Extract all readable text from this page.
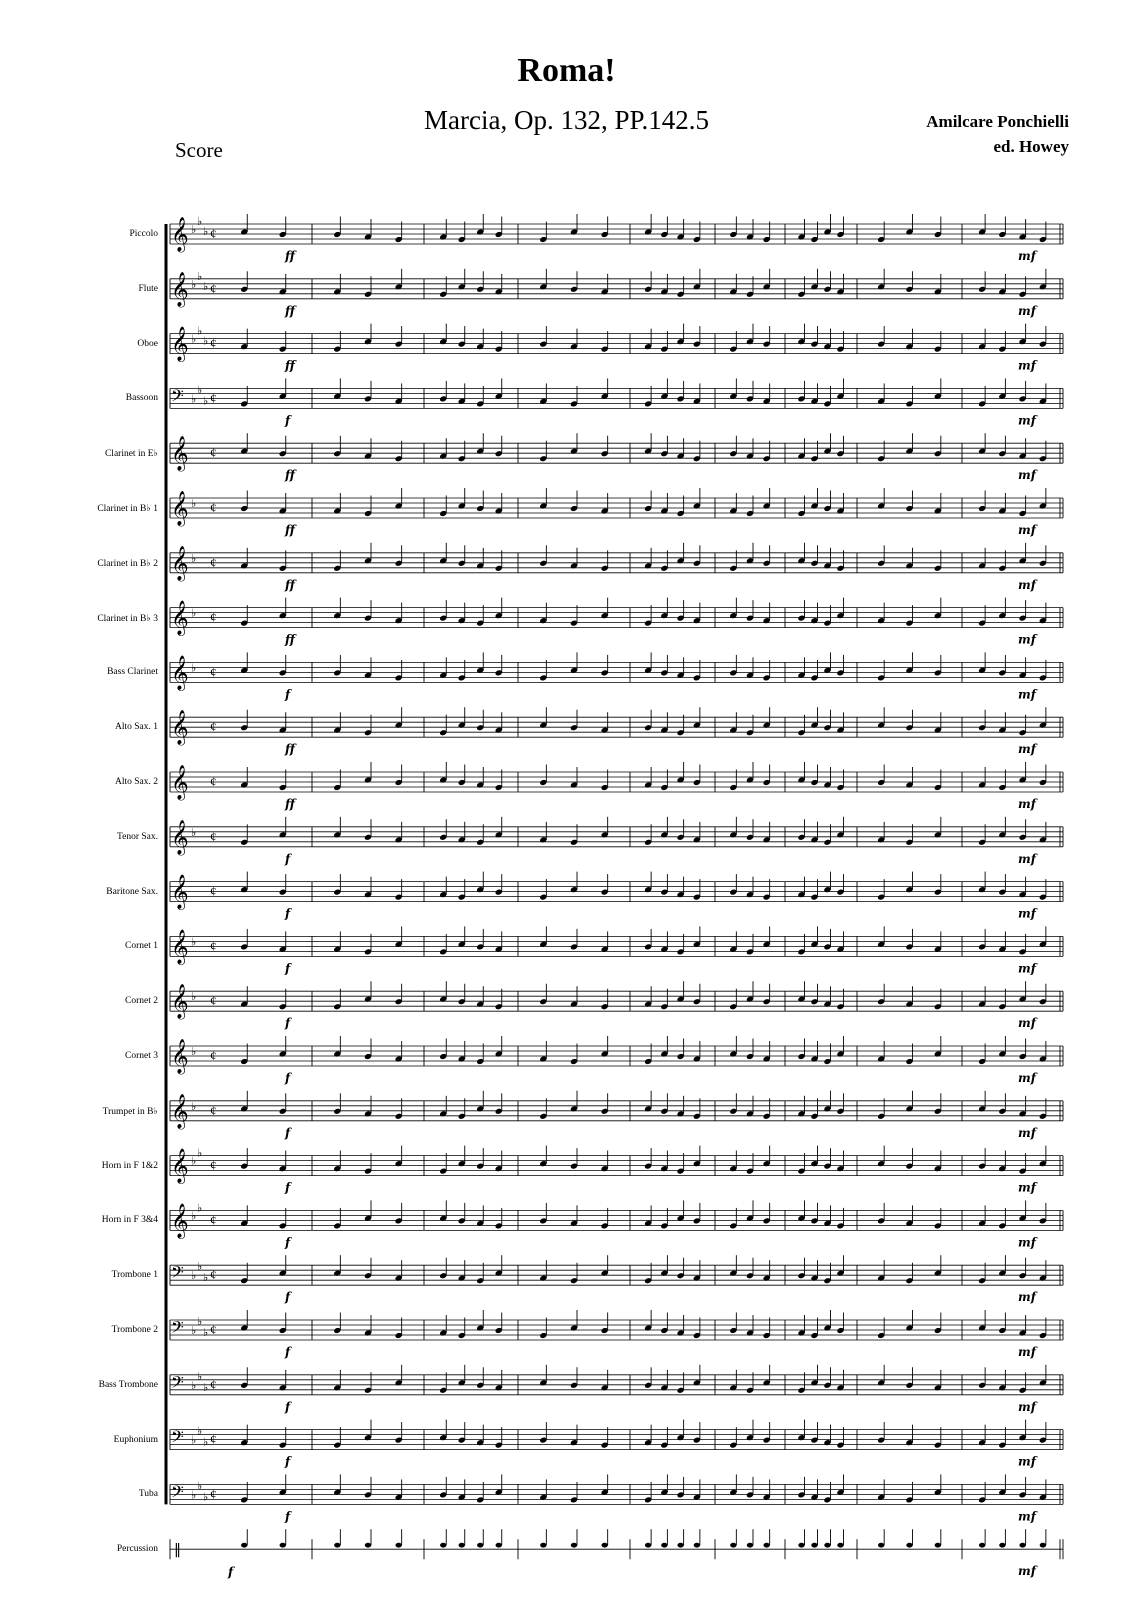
Roma!
Marcia, Op. 132, PP.142.5
Score
Amilcare Ponchielli
ed. Howey
Piccolo
Flute
Oboe
Bassoon
Clarinet in E♭
Clarinet in B♭ 1
Clarinet in B♭ 2
Clarinet in B♭ 3
Bass Clarinet
Alto Sax. 1
Alto Sax. 2
Tenor Sax.
Baritone Sax.
Cornet 1
Cornet 2
Cornet 3
Trumpet in B♭
Horn in F 1&2
Horn in F 3&4
Trombone 1
Trombone 2
Bass Trombone
Euphonium
Tuba
Percussion
𝄞 ♭
♭
♭ ¢
ff	mf
𝄞 ♭
♭
♭ ¢
ff	mf
𝄞 ♭
♭
♭ ¢
ff	mf
𝄢 ♭
♭
♭ ¢
f	mf
𝄞 ¢
ff	mf
𝄞 ♭ ¢
ff	mf
𝄞 ♭ ¢
ff	mf
𝄞 ♭ ¢
ff	mf
𝄞 ♭ ¢
f	mf
𝄞 ¢
ff	mf
𝄞 ¢
ff	mf
𝄞 ♭ ¢
f	mf
𝄞 ¢
f	mf
𝄞 ♭ ¢
f	mf
𝄞 ♭ ¢
f	mf
𝄞 ♭ ¢
f	mf
𝄞 ♭ ¢
f	mf
𝄞 ♭
♭
¢
f	mf
𝄞 ♭
♭
¢
f	mf
𝄢 ♭
♭
♭ ¢
f	mf
𝄢 ♭
♭
♭ ¢
f	mf
𝄢 ♭
♭
♭ ¢
f	mf
𝄢 ♭
♭
♭ ¢
f	mf
𝄢 ♭
♭
♭ ¢
f	mf
‖
f	mf
